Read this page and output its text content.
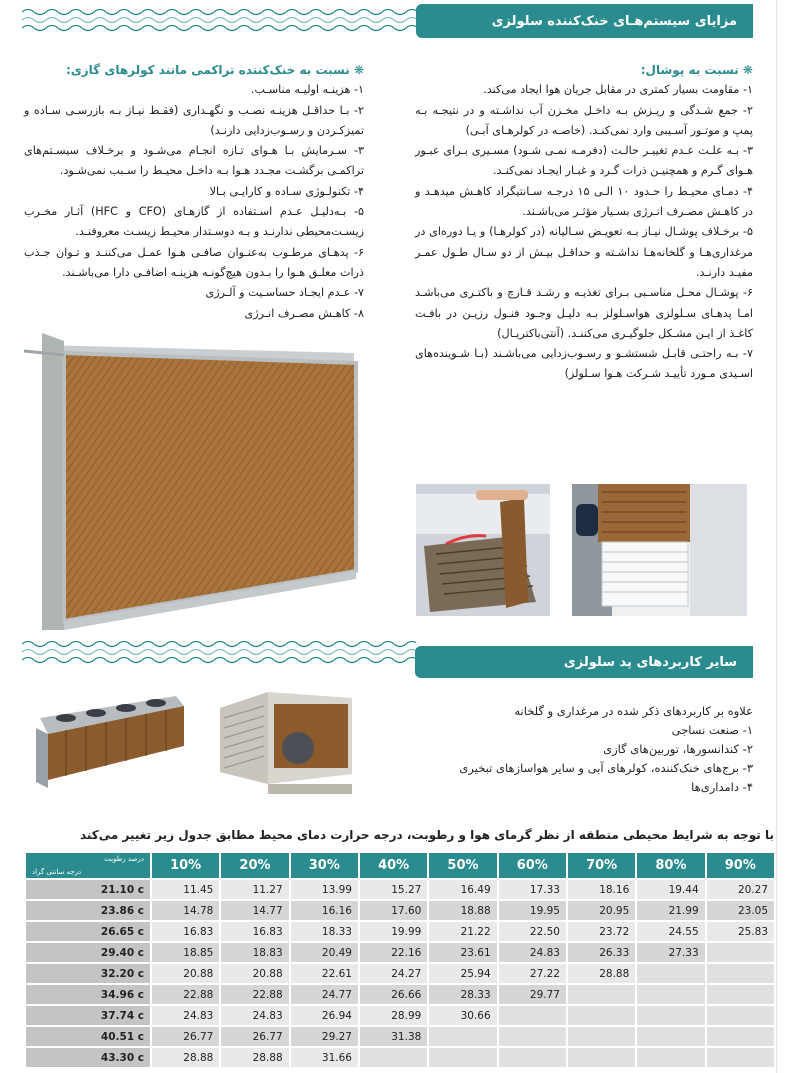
مزایای سیستم‌هـای خنک‌کننده سلولزی
❋ نسبت به پوشال:
۱- مقاومت بسیار کمتری در مقابل جریان هوا ایجاد می‌کند.
۲- جمع شـدگی و ریـزش بـه داخـل مخـزن آب نداشـته و در نتیجـه بـه پمپ و موتـور آسـیبی وارد نمی‌کنـد. (خاصـه در کولرهـای آبـی)
۳- بـه علـت عـدم تغییـر حالـت (دفرمـه نمـی شـود) مسـیری بـرای عبـور هـوای گـرم و همچنیـن ذرات گـرد و غبـار ایجـاد نمی‌کنـد.
۴- دمـای محیـط را حـدود ۱۰ الـی ۱۵ درجـه سـانتیگراد کاهـش میدهـد و در کاهـش مصـرف انـرژی بسـیار مؤثـر می‌باشـند.
۵- برخـلاف پوشـال نیـاز بـه تعویـض سـالیانه (در کولرهـا) و یـا دوره‌ای در مرغداری‌هـا و گلخانه‌هـا نداشـته و حداقـل بیـش از دو سـال طـول عمـر مفیـد دارنـد.
۶- پوشـال محـل مناسـبی بـرای تغذیـه و رشـد قـارچ و باکتـری می‌باشـد امـا پدهـای سـلولزی هواسـلولز بـه دلیـل وجـود فنـول رزیـن در بافـت کاغـذ از ایـن مشـکل جلوگیـری می‌کننـد. (آنتی‌باکتریـال)
۷- بـه راحتـی قابـل شستشـو و رسـوب‌زدایی می‌باشـند (بـا شـوینده‌های اسـیدی مـورد تأییـد شـرکت هـوا سـلولز)
❋ نسبت به خنک‌کننده تراکمی مانند کولرهای گازی:
۱- هزینـه اولیـه مناسـب.
۲- بـا حداقـل هزینـه نصـب و نگهـداری (فقـط نیـاز بـه بازرسـی سـاده و تمیزکـردن و رسـوب‌زدایی دارنـد)
۳- سـرمایش بـا هـوای تـازه انجـام می‌شـود و برخـلاف سیسـتم‌های تراکمـی برگشـت مجـدد هـوا بـه داخـل محیـط را سـبب نمی‌شـود.
۴- تکنولـوژی سـاده و کارایـی بـالا
۵- بـه‌دلیـل عـدم اسـتفاده از گازهـای (CFO و HFC) آثـار مخـرب زیسـت‌محیطی ندارنـد و بـه دوسـتدار محیـط زیسـت معروفنـد.
۶- پدهـای مرطـوب به‌عنـوان صافـی هـوا عمـل می‌کننـد و تـوان جـذب ذرات معلـق هـوا را بـدون هیچ‌گونـه هزینـه اضافـی دارا می‌باشـند.
۷- عـدم ایجـاد حساسـیت و آلـرژی
۸- کاهـش مصـرف انـرژی
سایر کاربردهای پد سلولزی
علاوه بر کاربردهای ذکر شده در مرغداری و گلخانه
۱- صنعت نساجی
۲- کندانسورها، توربین‌های گازی
۳- برج‌های خنک‌کننده، کولرهای آبی و سایر هواسازهای تبخیری
۴- دامداری‌ها
با توجه به شرایط محیطی منطقه از نظر گرمای هوا و رطوبت، درجه حرارت دمای محیط مطابق جدول زیر تغییر می‌کند
درصد رطوبت
درجه سانتی گراد	10%	20%	30%	40%	50%	60%	70%	80%	90%
21.10 c	11.45	11.27	13.99	15.27	16.49	17.33	18.16	19.44	20.27
23.86 c	14.78	14.77	16.16	17.60	18.88	19.95	20.95	21.99	23.05
26.65 c	16.83	16.83	18.33	19.99	21.22	22.50	23.72	24.55	25.83
29.40 c	18.85	18.83	20.49	22.16	23.61	24.83	26.33	27.33	
32.20 c	20.88	20.88	22.61	24.27	25.94	27.22	28.88		
34.96 c	22.88	22.88	24.77	26.66	28.33	29.77			
37.74 c	24.83	24.83	26.94	28.99	30.66				
40.51 c	26.77	26.77	29.27	31.38					
43.30 c	28.88	28.88	31.66						
